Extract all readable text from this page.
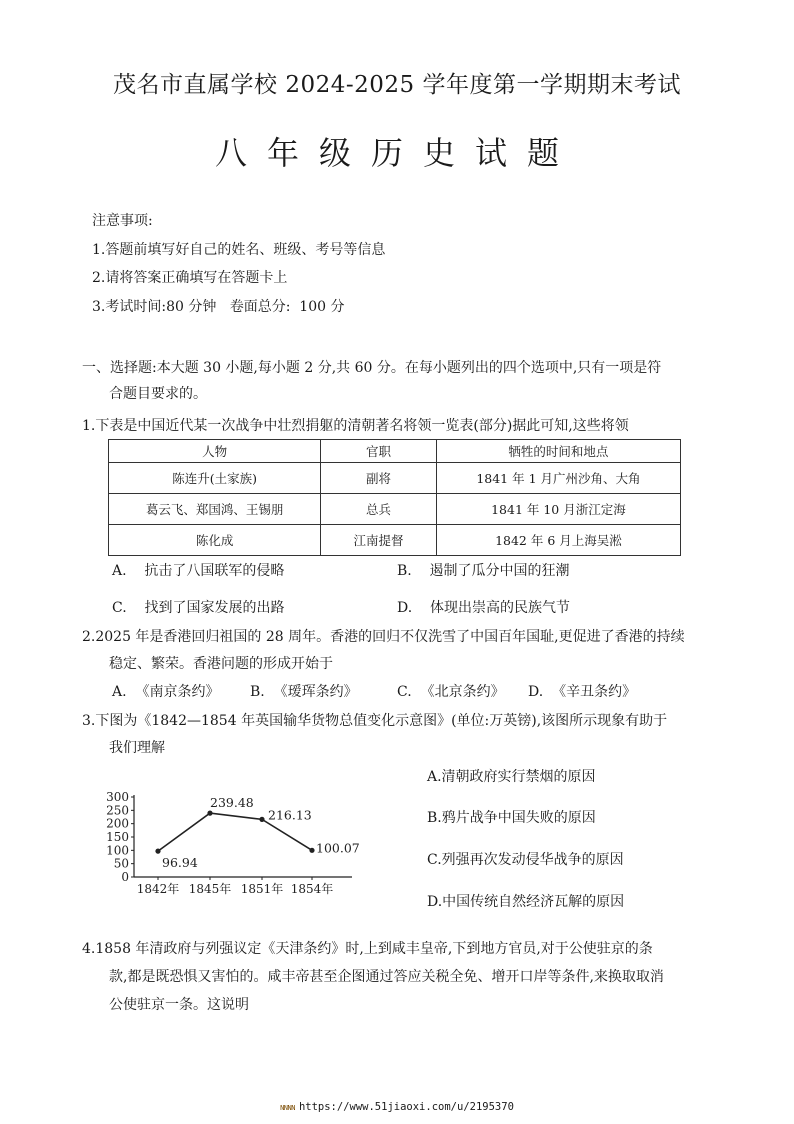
茂名市直属学校 2024-2025 学年度第一学期期末考试
八年级历史试题
注意事项:
1.答题前填写好自己的姓名、班级、考号等信息
2.请将答案正确填写在答题卡上
3.考试时间:80 分钟   卷面总分:  100 分
一、选择题:本大题 30 小题,每小题 2 分,共 60 分。在每小题列出的四个选项中,只有一项是符
合题目要求的。
1.下表是中国近代某一次战争中壮烈捐躯的清朝著名将领一览表(部分)据此可知,这些将领
人物	官职	牺牲的时间和地点
陈连升(土家族)	副将	1841 年 1 月广州沙角、大角
葛云飞、郑国鸿、王锡朋	总兵	1841 年 10 月浙江定海
陈化成	江南提督	1842 年 6 月上海吴淞
A.    抗击了八国联军的侵略	B.    遏制了瓜分中国的狂潮
C.    找到了国家发展的出路	D.    体现出崇高的民族气节
2.2025 年是香港回归祖国的 28 周年。香港的回归不仅洗雪了中国百年国耻,更促进了香港的持续
稳定、繁荣。香港问题的形成开始于
A.  《南京条约》 B.  《瑷珲条约》	C.  《北京条约》 D.  《辛丑条约》
3.下图为《1842—1854 年英国输华货物总值变化示意图》(单位:万英镑),该图所示现象有助于
我们理解
0
50
100
150
200
250
300
1842年 1845年 1851年 1854年
96.94
239.48
216.13
100.07
A.清朝政府实行禁烟的原因
B.鸦片战争中国失败的原因
C.列强再次发动侵华战争的原因
D.中国传统自然经济瓦解的原因
4.1858 年清政府与列强议定《天津条约》时,上到咸丰皇帝,下到地方官员,对于公使驻京的条
款,都是既恐惧又害怕的。咸丰帝甚至企图通过答应关税全免、增开口岸等条件,来换取取消
公使驻京一条。这说明
NNNN https://www.51jiaoxi.com/u/2195370
